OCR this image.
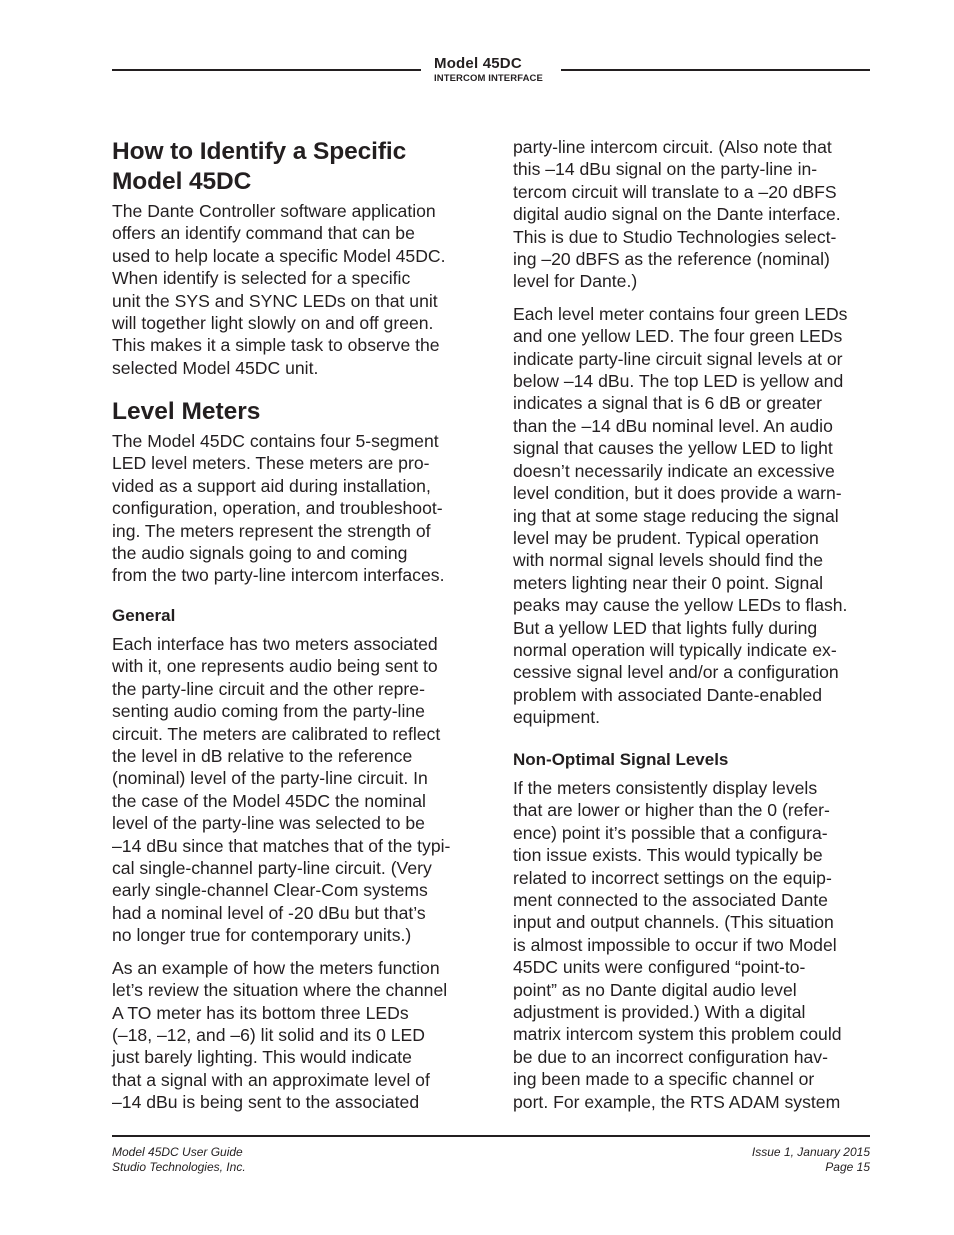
Model 45DC
INTERCOM INTERFACE
How to Identify a Specific
Model 45DC

The Dante Controller software application
offers an identify command that can be
used to help locate a specific Model 45DC.
When identify is selected for a specific
unit the SYS and SYNC LEDs on that unit
will together light slowly on and off green.
This makes it a simple task to observe the
selected Model 45DC unit.

Level Meters

The Model 45DC contains four 5-segment
LED level meters. These meters are pro-
vided as a support aid during installation,
configuration, operation, and troubleshoot-
ing. The meters represent the strength of
the audio signals going to and coming
from the two party-line intercom interfaces.

General

Each interface has two meters associated
with it, one represents audio being sent to
the party-line circuit and the other repre-
senting audio coming from the party-line
circuit. The meters are calibrated to reflect
the level in dB relative to the reference
(nominal) level of the party-line circuit. In
the case of the Model 45DC the nominal
level of the party-line was selected to be
–14 dBu since that matches that of the typi-
cal single-channel party-line circuit. (Very
early single-channel Clear-Com systems
had a nominal level of -20 dBu but that’s
no longer true for contemporary units.)

As an example of how the meters function
let’s review the situation where the channel
A TO meter has its bottom three LEDs
(–18, –12, and –6) lit solid and its 0 LED
just barely lighting. This would indicate
that a signal with an approximate level of
–14 dBu is being sent to the associated

party-line intercom circuit. (Also note that
this –14 dBu signal on the party-line in-
tercom circuit will translate to a –20 dBFS
digital audio signal on the Dante interface.
This is due to Studio Technologies select-
ing –20 dBFS as the reference (nominal)
level for Dante.)

Each level meter contains four green LEDs
and one yellow LED. The four green LEDs
indicate party-line circuit signal levels at or
below –14 dBu. The top LED is yellow and
indicates a signal that is 6 dB or greater
than the –14 dBu nominal level. An audio
signal that causes the yellow LED to light
doesn’t necessarily indicate an excessive
level condition, but it does provide a warn-
ing that at some stage reducing the signal
level may be prudent. Typical operation
with normal signal levels should find the
meters lighting near their 0 point. Signal
peaks may cause the yellow LEDs to flash.
But a yellow LED that lights fully during
normal operation will typically indicate ex-
cessive signal level and/or a configuration
problem with associated Dante-enabled
equipment.

Non-Optimal Signal Levels

If the meters consistently display levels
that are lower or higher than the 0 (refer-
ence) point it’s possible that a configura-
tion issue exists. This would typically be
related to incorrect settings on the equip-
ment connected to the associated Dante
input and output channels. (This situation
is almost impossible to occur if two Model
45DC units were configured “point-to-
point” as no Dante digital audio level
adjustment is provided.) With a digital
matrix intercom system this problem could
be due to an incorrect configuration hav-
ing been made to a specific channel or
port. For example, the RTS ADAM system

Model 45DC User Guide
Studio Technologies, Inc.
Issue 1, January 2015
Page 15
